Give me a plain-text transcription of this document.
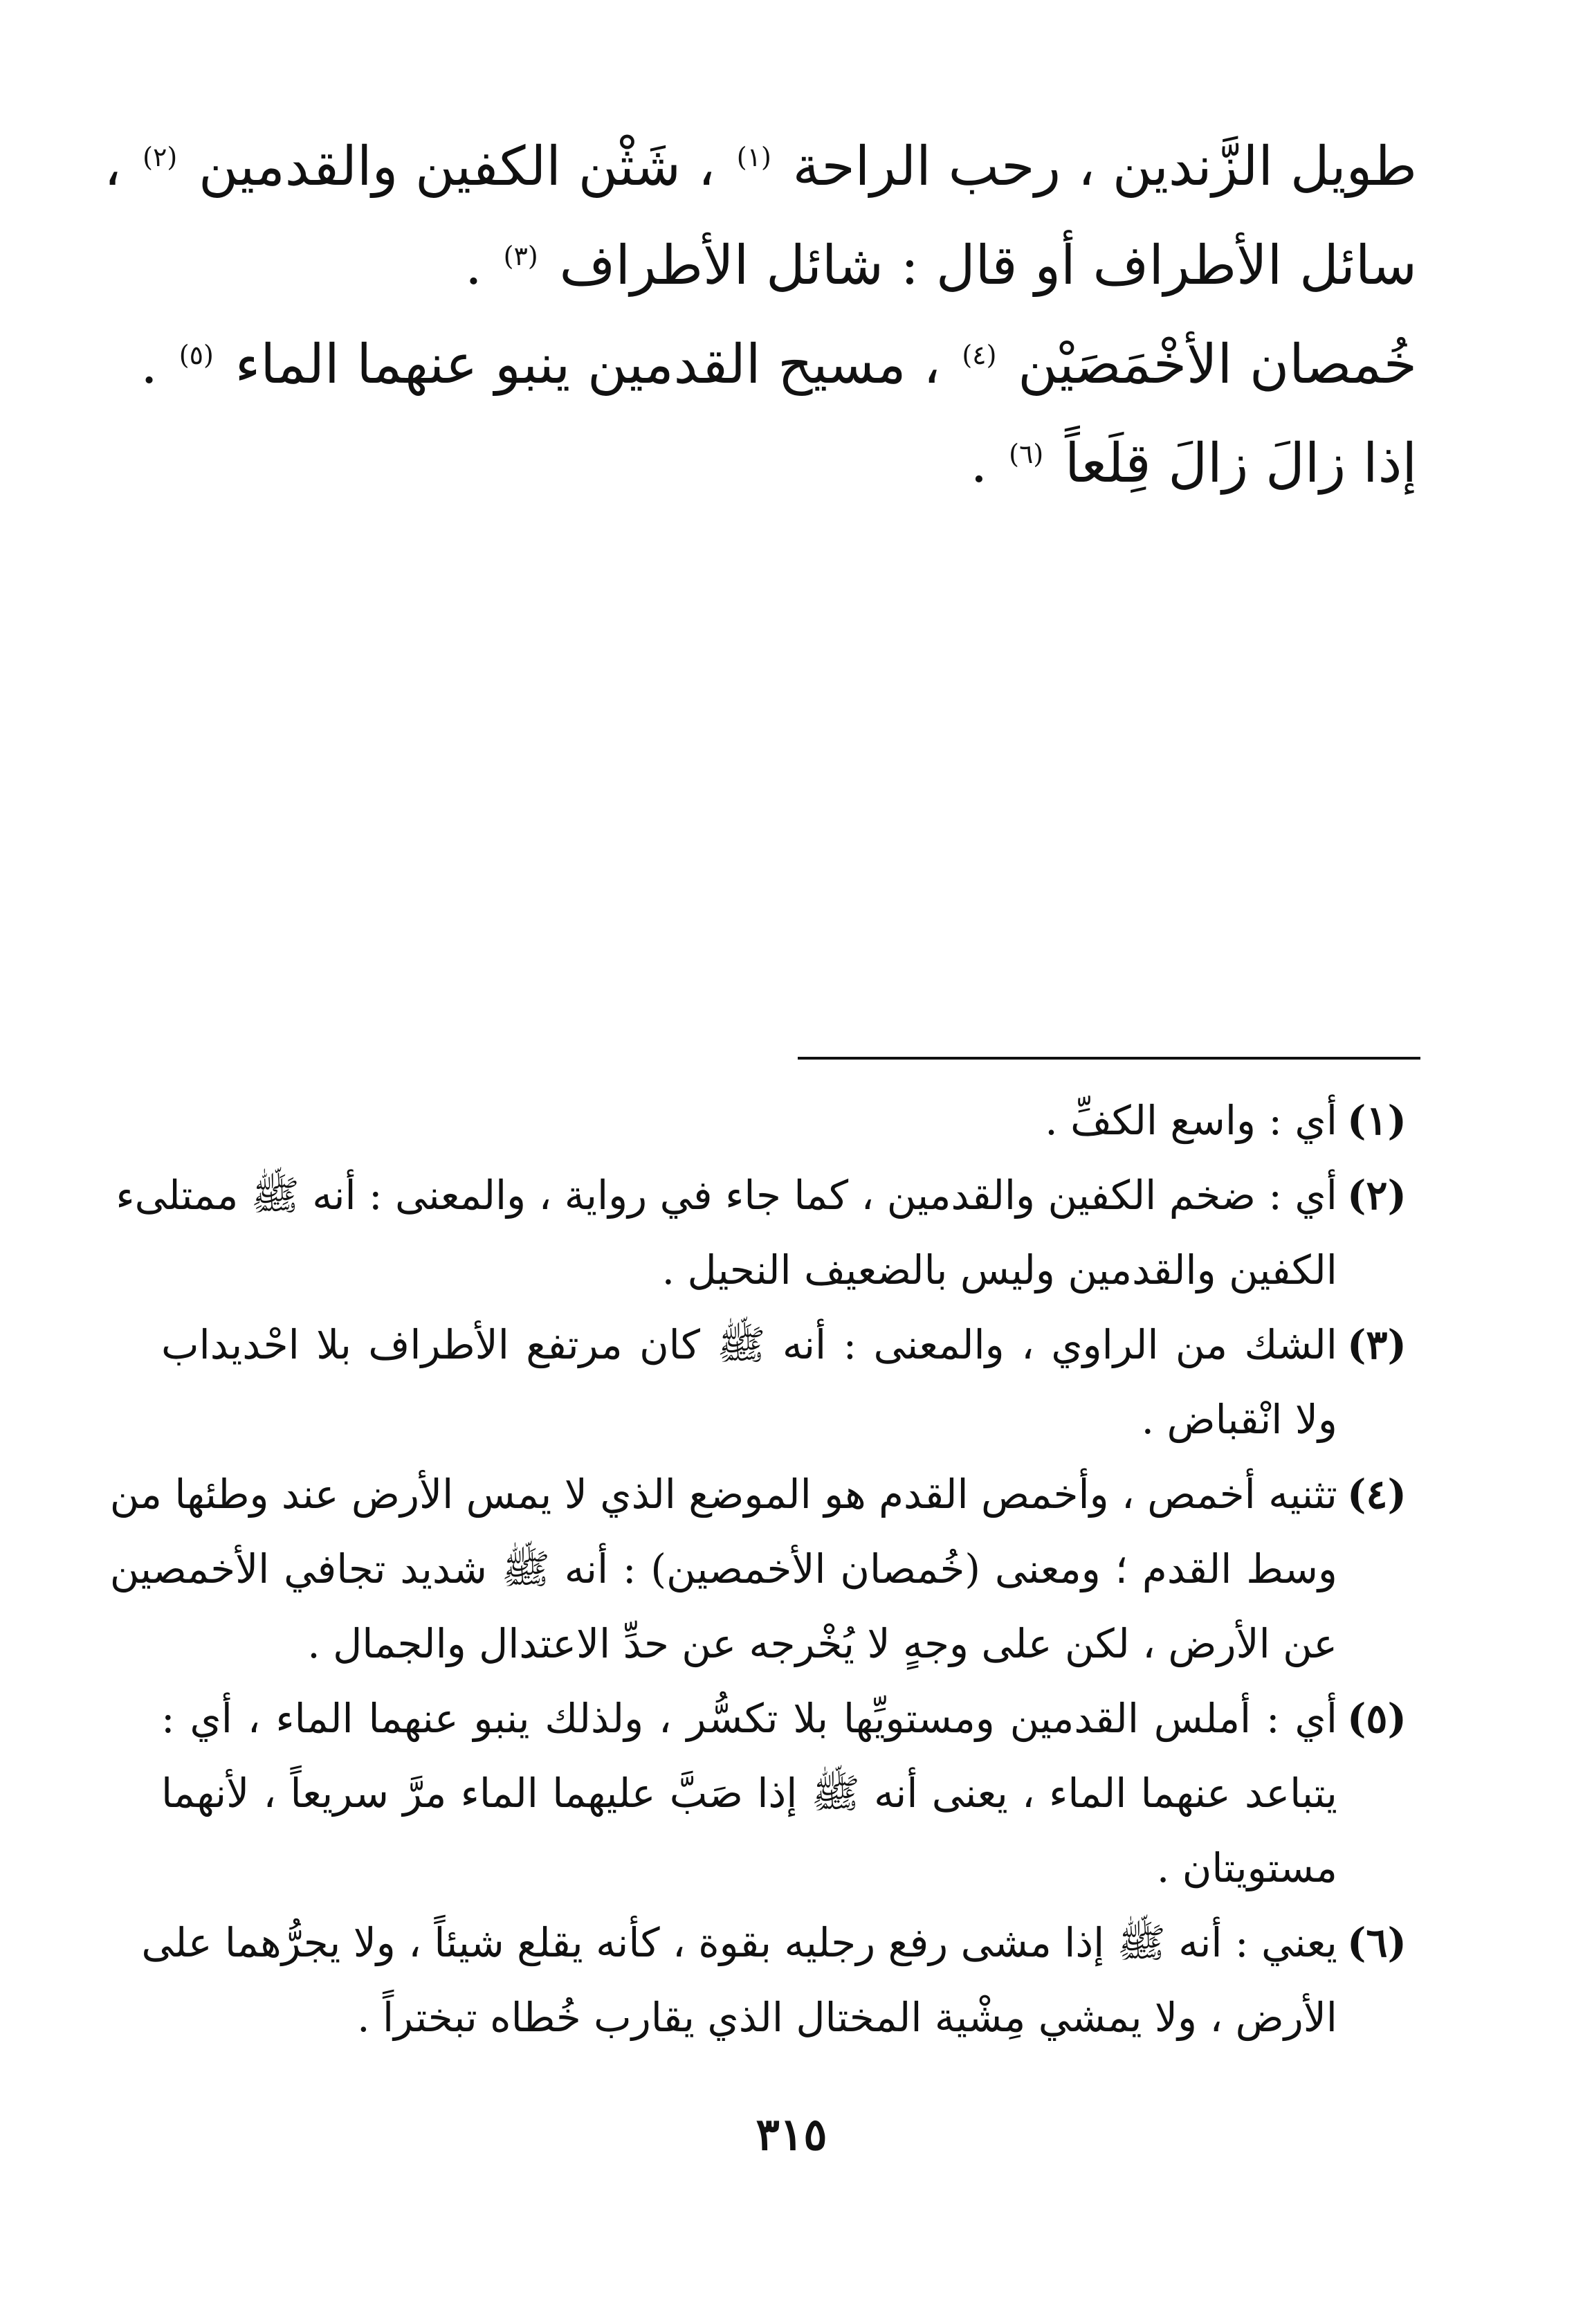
طويل الزَّندين ، رحب الراحة $^{(١)}$ ، شَثْن الكفين والقدمين $^{(٢)}$ ،
سائل الأطراف أو قال : شائل الأطراف $^{(٣)}$ .
خُمصان الأخْمَصَيْن $^{(٤)}$ ، مسيح القدمين ينبو عنهما الماء $^{(٥)}$ .
إذا زالَ زالَ قِلَعاً $^{(٦)}$ .
(١)
أي : واسع الكفِّ .
(٢)
أي : ضخم الكفين والقدمين ، كما جاء في رواية ، والمعنى : أنه ﷺ ممتلىء
الكفين والقدمين وليس بالضعيف النحيل .
(٣)
الشك من الراوي ، والمعنى : أنه ﷺ كان مرتفع الأطراف بلا احْديداب
ولا انْقباض .
(٤)
تثنيه أخمص ، وأخمص القدم هو الموضع الذي لا يمس الأرض عند وطئها من
وسط القدم ؛ ومعنى (خُمصان الأخمصين) : أنه ﷺ شديد تجافي الأخمصين
عن الأرض ، لكن على وجهٍ لا يُخْرجه عن حدِّ الاعتدال والجمال .
(٥)
أي : أملس القدمين ومستويِّها بلا تكسُّر ، ولذلك ينبو عنهما الماء ، أي :
يتباعد عنهما الماء ، يعنى أنه ﷺ إذا صَبَّ عليهما الماء مرَّ سريعاً ، لأنهما
مستويتان .
(٦)
يعني : أنه ﷺ إذا مشى رفع رجليه بقوة ، كأنه يقلع شيئاً ، ولا يجرُّهما على
الأرض ، ولا يمشي مِشْية المختال الذي يقارب خُطاه تبختراً .
٣١٥
